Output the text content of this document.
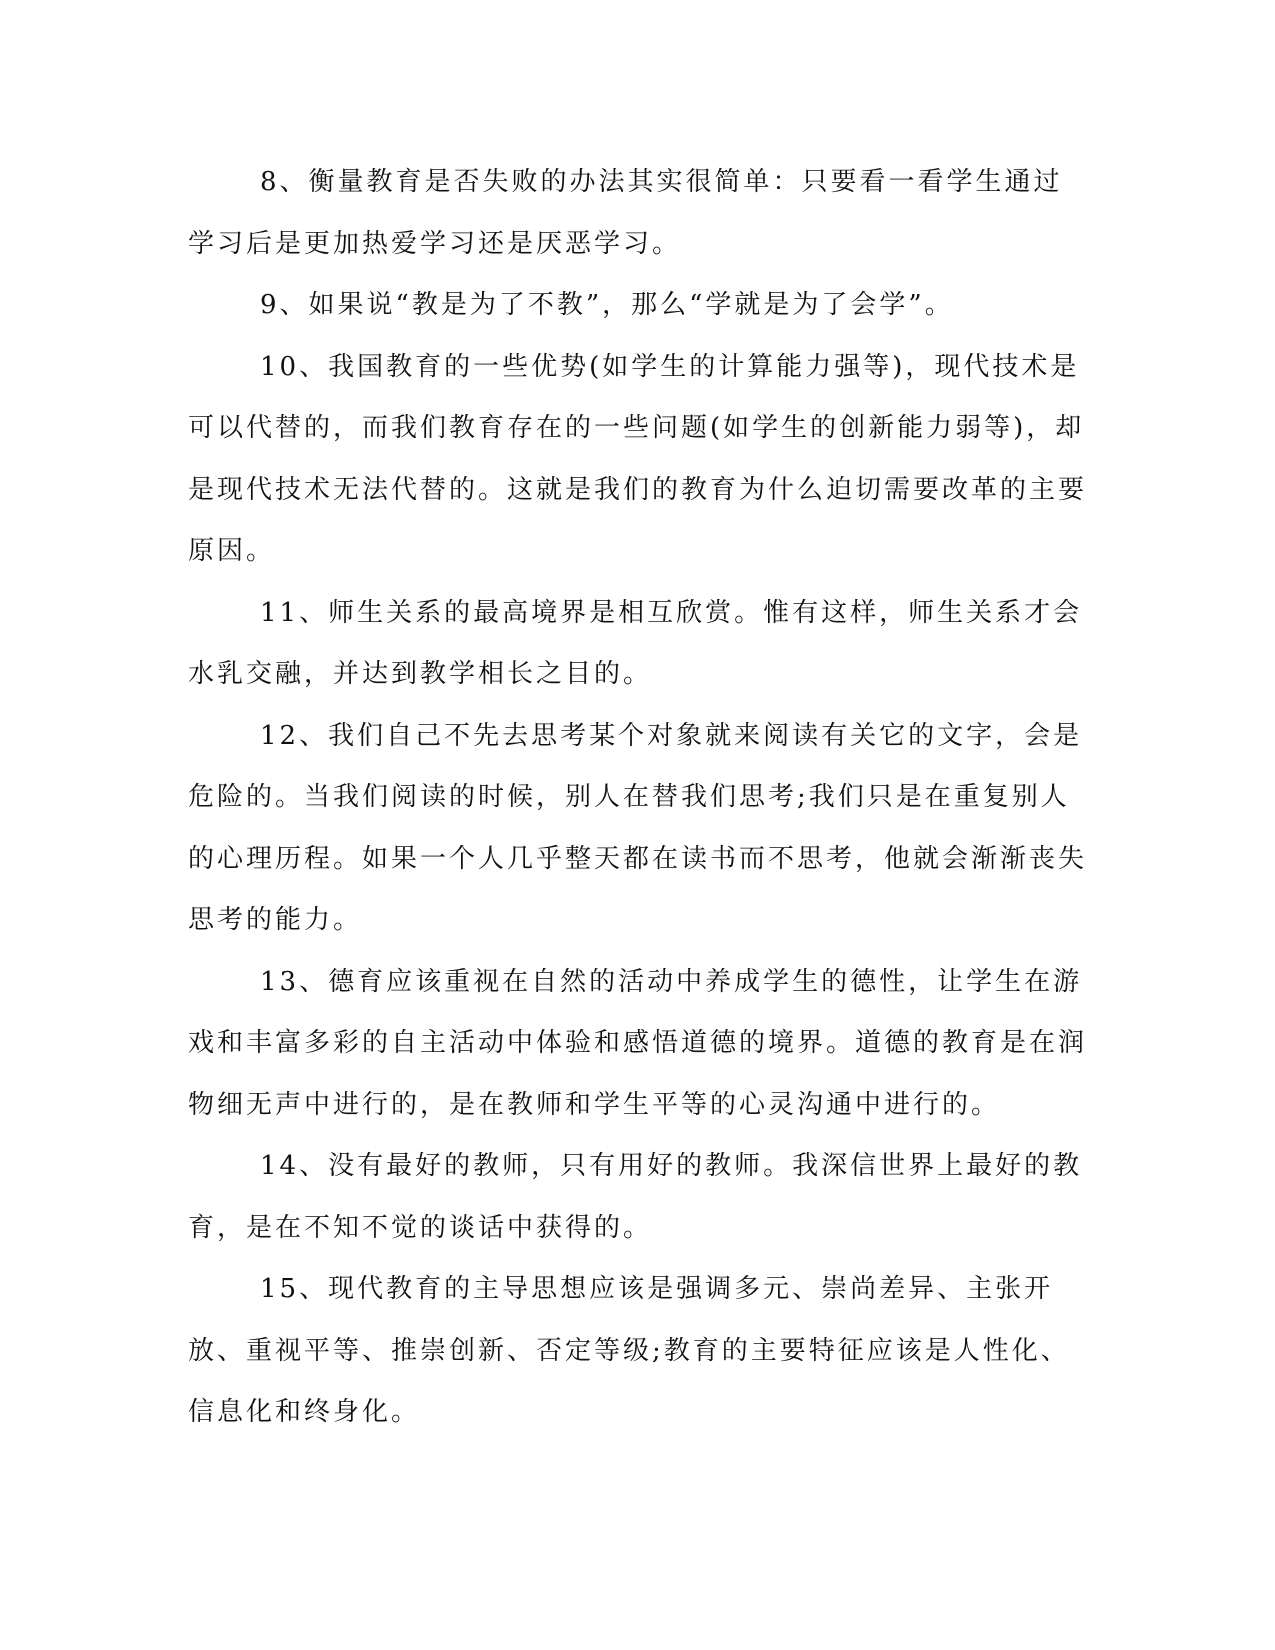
8、衡量教育是否失败的办法其实很简单：只要看一看学生通过学习后是更加热爱学习还是厌恶学习。

9、如果说“教是为了不教”，那么“学就是为了会学”。

10、我国教育的一些优势(如学生的计算能力强等)，现代技术是可以代替的，而我们教育存在的一些问题(如学生的创新能力弱等)，却是现代技术无法代替的。这就是我们的教育为什么迫切需要改革的主要原因。

11、师生关系的最高境界是相互欣赏。惟有这样，师生关系才会水乳交融，并达到教学相长之目的。

12、我们自己不先去思考某个对象就来阅读有关它的文字，会是危险的。当我们阅读的时候，别人在替我们思考;我们只是在重复别人的心理历程。如果一个人几乎整天都在读书而不思考，他就会渐渐丧失思考的能力。

13、德育应该重视在自然的活动中养成学生的德性，让学生在游戏和丰富多彩的自主活动中体验和感悟道德的境界。道德的教育是在润物细无声中进行的，是在教师和学生平等的心灵沟通中进行的。

14、没有最好的教师，只有用好的教师。我深信世界上最好的教育，是在不知不觉的谈话中获得的。

15、现代教育的主导思想应该是强调多元、崇尚差异、主张开放、重视平等、推崇创新、否定等级;教育的主要特征应该是人性化、信息化和终身化。
